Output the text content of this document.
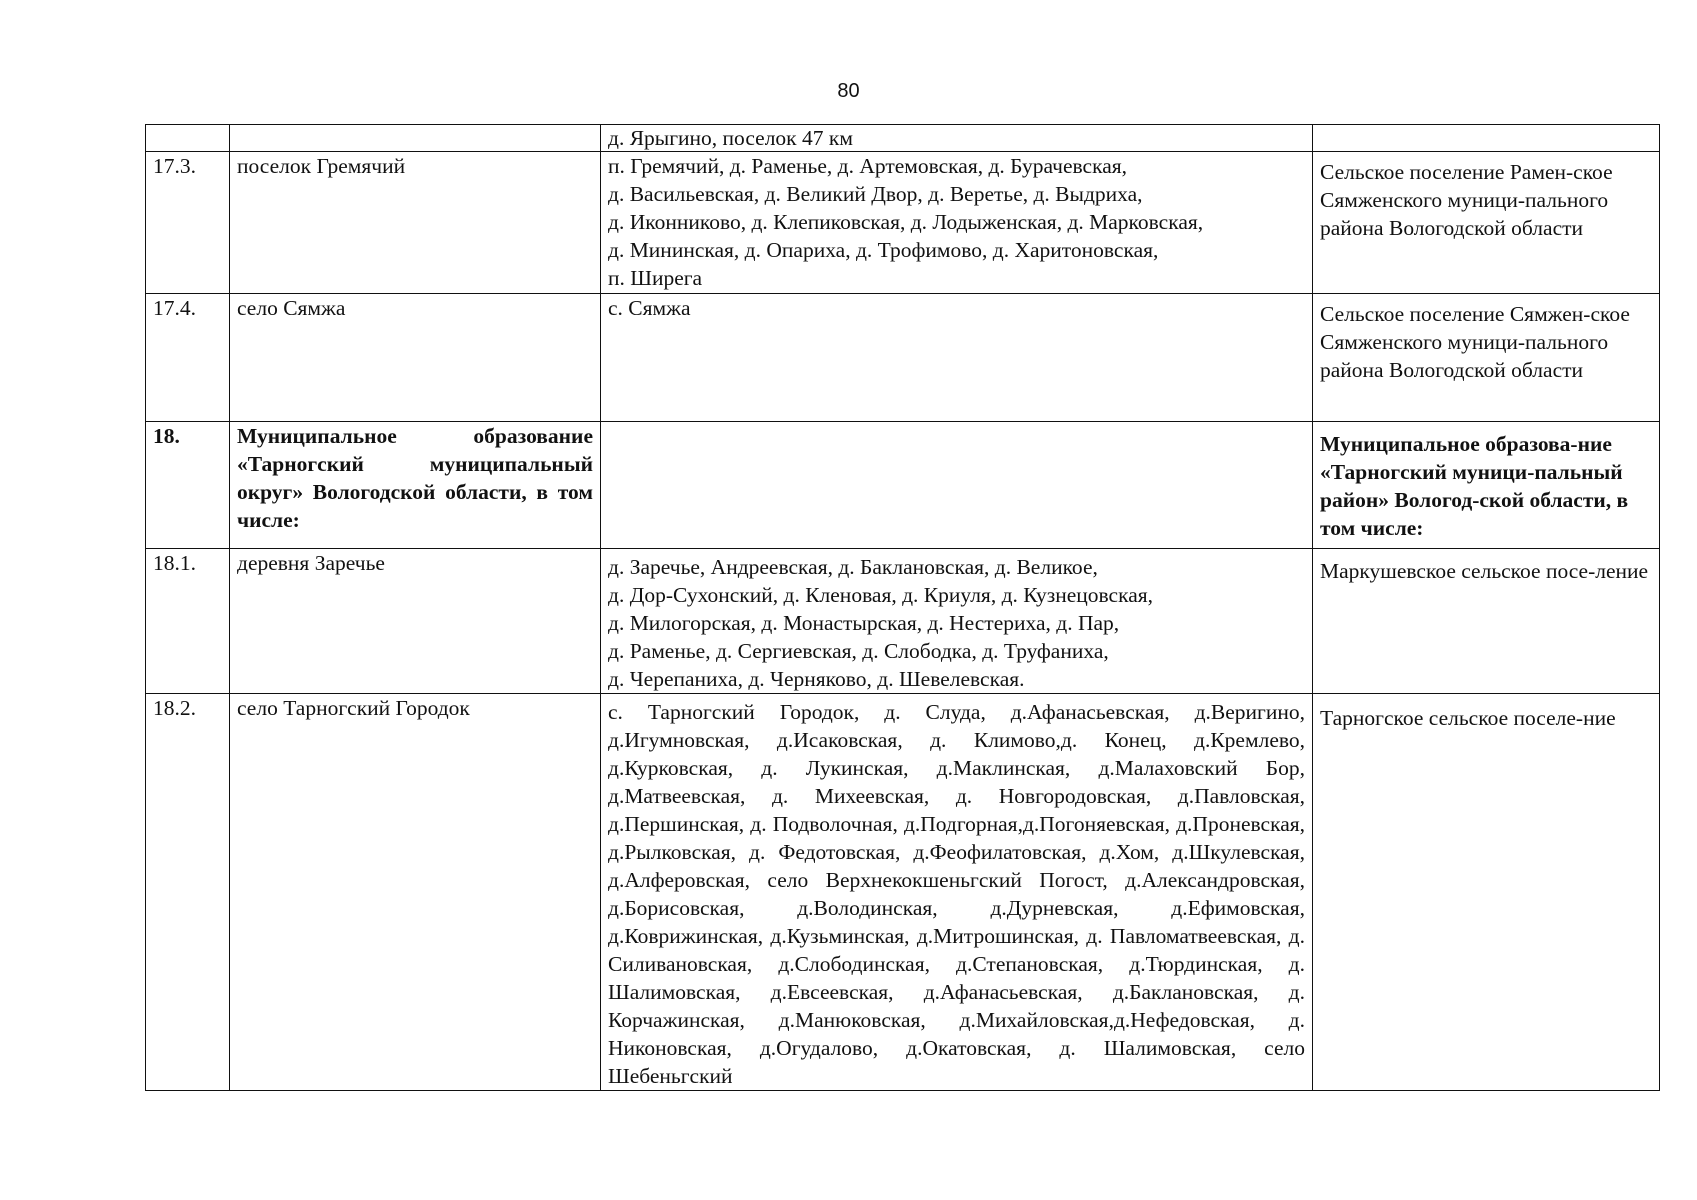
80

		д. Ярыгино, поселок 47 км	

17.3.	поселок Гремячий	п. Гремячий, д. Раменье, д. Артемовская, д. Бурачевская,
д. Васильевская, д. Великий Двор, д. Веретье, д. Выдриха,
д. Иконниково, д. Клепиковская, д. Лодыженская, д. Марковская,
д. Мининская, д. Опариха, д. Трофимово, д. Харитоновская,
п. Ширега	Сельское поселение Рамен-ское Сямженского муници-пального района Вологодской области
17.4.	село Сямжа	с. Сямжа	Сельское поселение Сямжен-ское Сямженского муници-пального района Вологодской области
18.	Муниципальное образование «Тарногский муниципальный округ» Вологодской области, в том числе:		Муниципальное образова-ние «Тарногский муници-пальный район» Вологод-ской области, в том числе:
18.1.	деревня Заречье	д. Заречье, Андреевская, д. Баклановская, д. Великое,
д. Дор-Сухонский, д. Кленовая, д. Криуля, д. Кузнецовская,
д. Милогорская, д. Монастырская, д. Нестериха, д. Пар,
д. Раменье, д. Сергиевская, д. Слободка, д. Труфаниха,
д. Черепаниха, д. Черняково, д. Шевелевская.	Маркушевское сельское посе-ление
18.2.	село Тарногский Городок	с. Тарногский Городок, д. Слуда, д.Афанасьевская, д.Веригино, д.Игумновская, д.Исаковская, д. Климово,д. Конец, д.Кремлево, д.Курковская, д. Лукинская, д.Маклинская, д.Малаховский Бор, д.Матвеевская, д. Михеевская, д. Новгородовская, д.Павловская, д.Першинская, д. Подволочная, д.Подгорная,д.Погоняевская, д.Проневская, д.Рылковская, д. Федотовская, д.Феофилатовская, д.Хом, д.Шкулевская, д.Алферовская, село Верхнекокшеньгский Погост, д.Александровская, д.Борисовская, д.Володинская, д.Дурневская, д.Ефимовская, д.Коврижинская, д.Кузьминская, д.Митрошинская, д. Павломатвеевская, д. Силивановская, д.Слободинская, д.Степановская, д.Тюрдинская, д. Шалимовская, д.Евсеевская, д.Афанасьевская, д.Баклановская, д. Корчажинская, д.Манюковская, д.Михайловская,д.Нефедовская, д. Никоновская, д.Огудалово, д.Окатовская, д. Шалимовская, село Шебеньгский	Тарногское сельское поселе-ние
